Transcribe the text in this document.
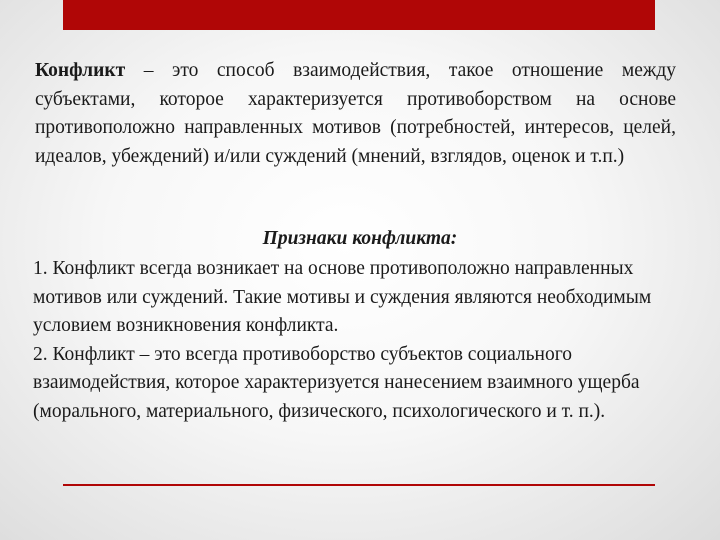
Конфликт – это способ взаимодействия, такое отношение между субъектами, которое характеризуется противоборством на основе противоположно направленных мотивов (потребностей, интересов, целей, идеалов, убеждений) и/или суждений (мнений, взглядов, оценок и т.п.)

Признаки конфликта:
1. Конфликт всегда возникает на основе противоположно направленных мотивов или суждений. Такие мотивы и суждения являются необходимым условием возникновения конфликта.
2. Конфликт – это всегда противоборство субъектов социального взаимодействия, которое характеризуется нанесением взаимного ущерба (морального, материального, физического, психологического и т. п.).
